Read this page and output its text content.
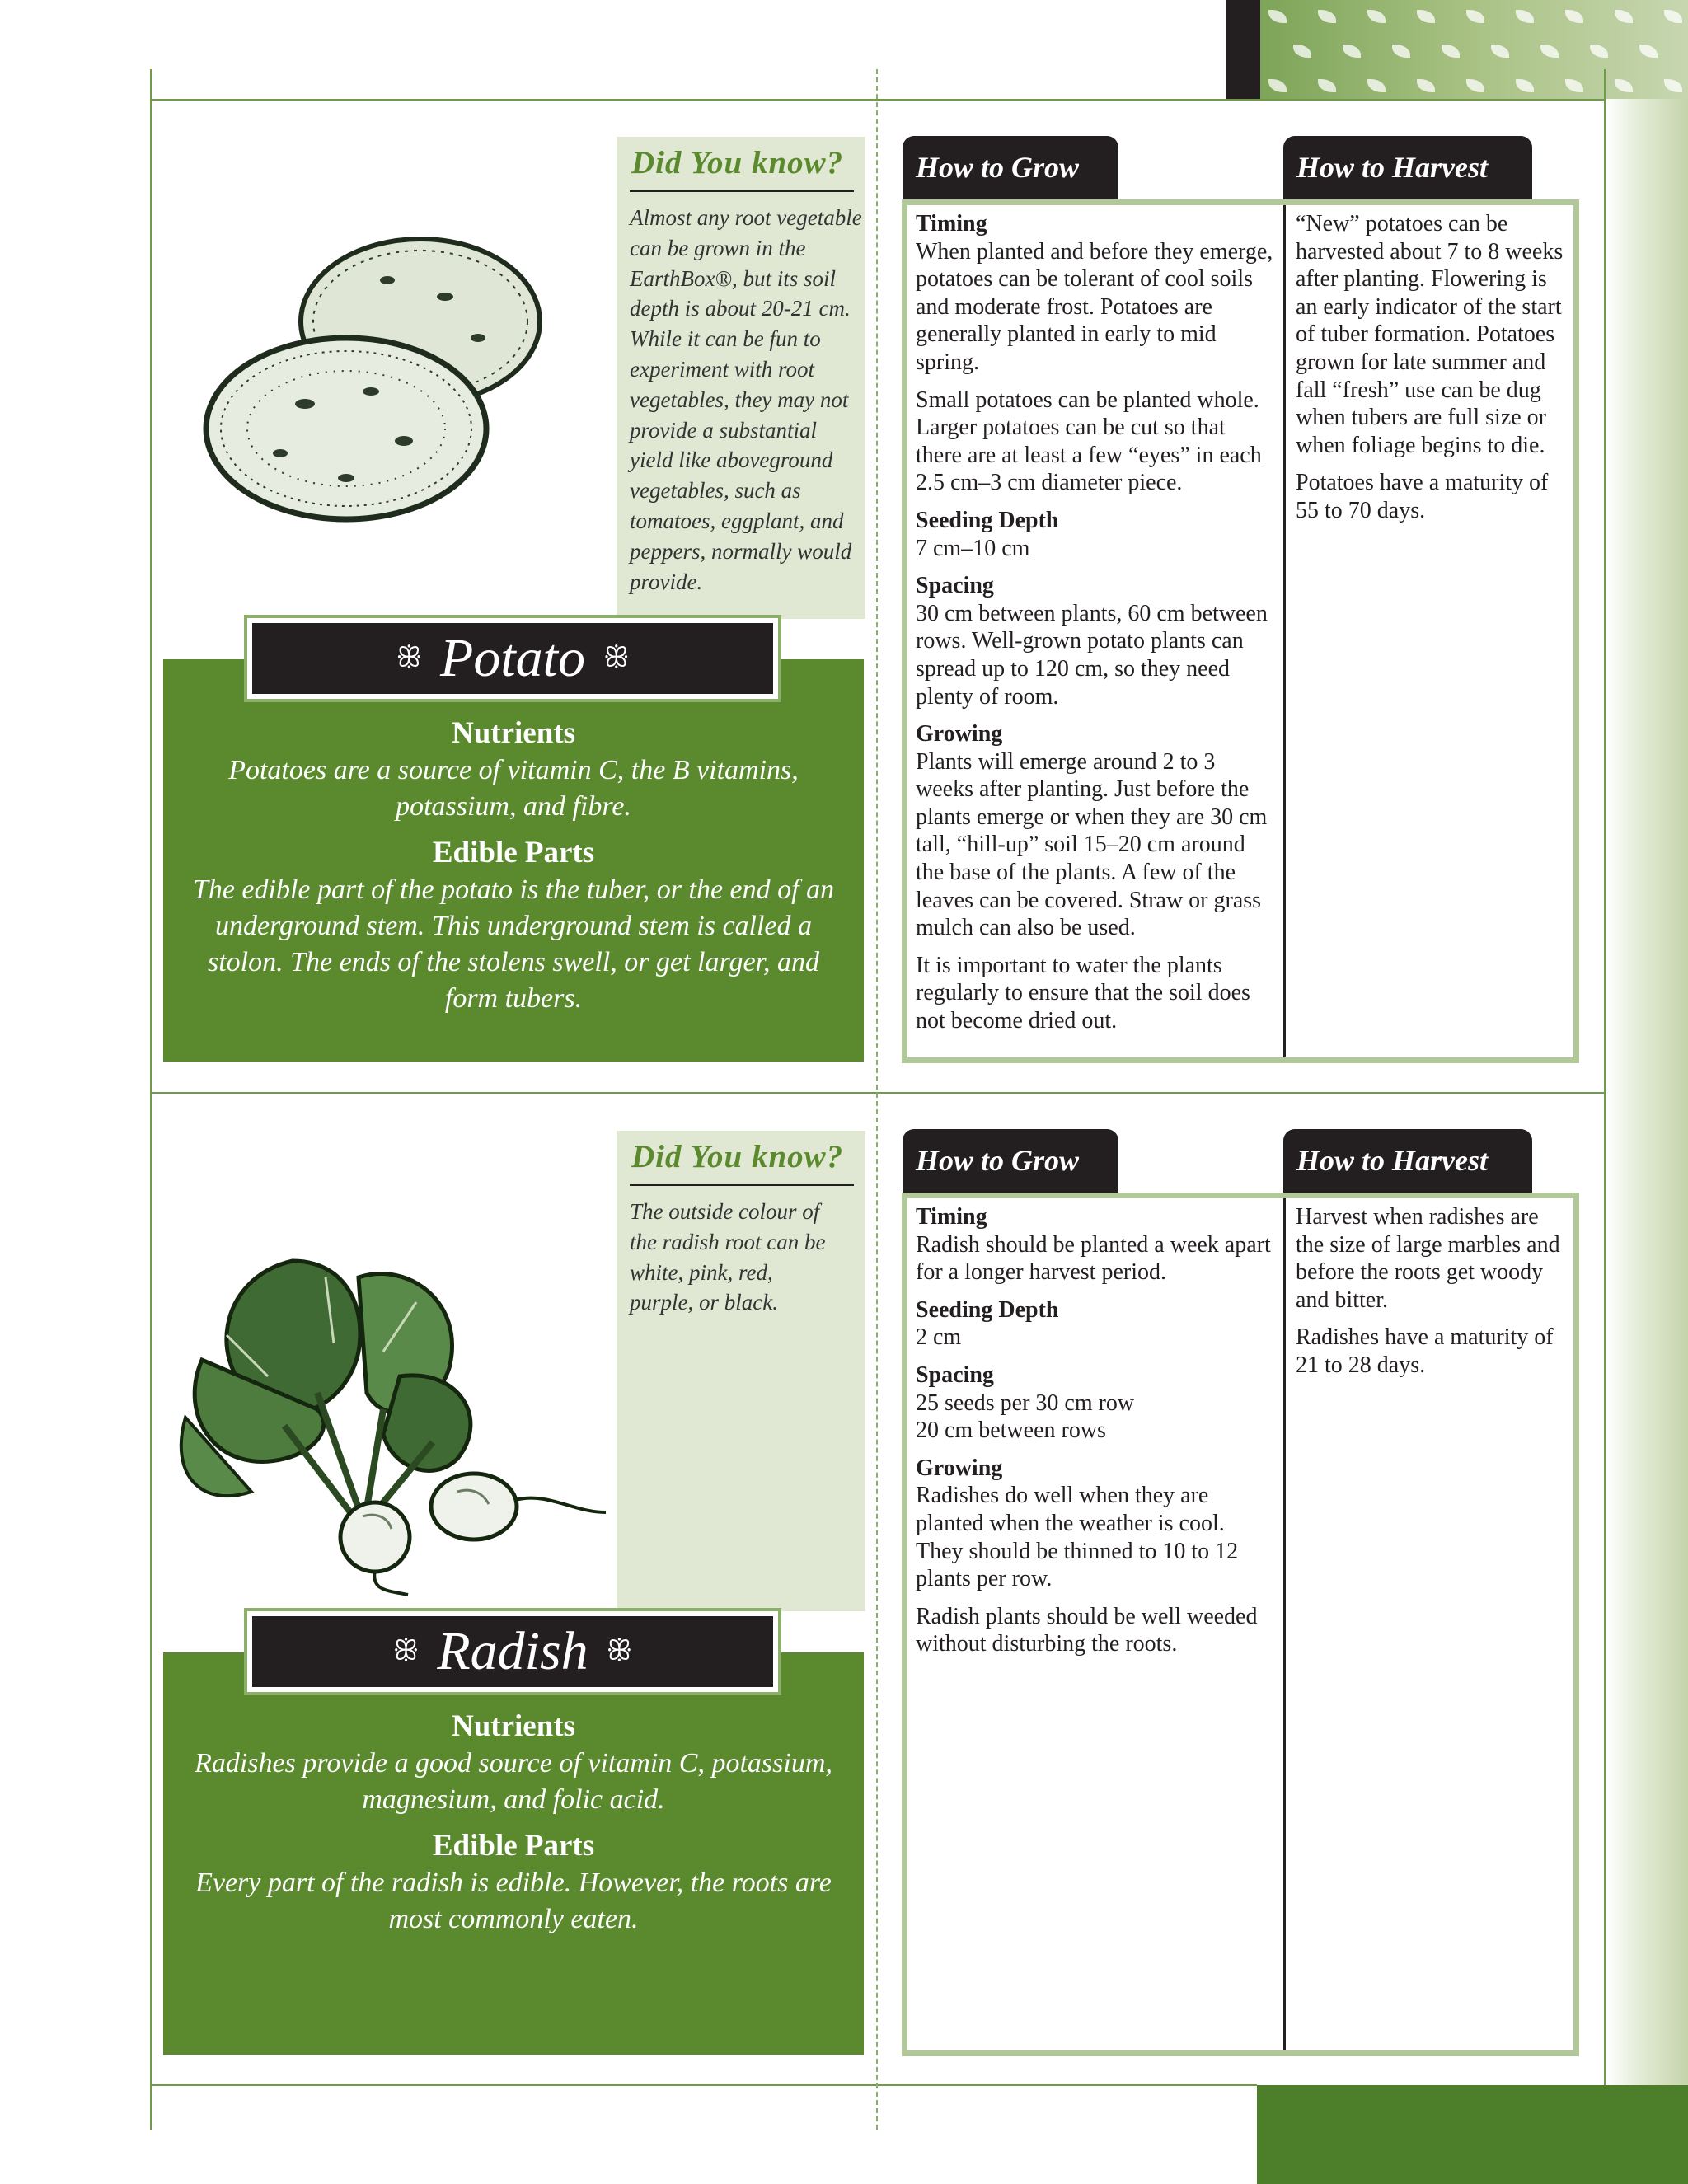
Did You know?
Almost any root vegetable can be grown in the EarthBox®, but its soil depth is about 20-21 cm. While it can be fun to experiment with root vegetables, they may not provide a substantial yield like aboveground vegetables, such as tomatoes, eggplant, and peppers, normally would provide.

Nutrients

Potatoes are a source of vitamin C, the B vitamins, potassium, and fibre.

Edible Parts

The edible part of the potato is the tuber, or the end of an underground stem. This underground stem is called a stolon. The ends of the stolens swell, or get larger, and form tubers.

ꕥ Potato ꕥ
How to Grow	How to Harvest

Timing
When planted and before they emerge, potatoes can be tolerant of cool soils and moderate frost. Potatoes are generally planted in early to mid spring.

Small potatoes can be planted whole. Larger potatoes can be cut so that there are at least a few “eyes” in each 2.5 cm–3 cm diameter piece.

Seeding Depth
7 cm–10 cm

Spacing
30 cm between plants, 60 cm between rows. Well-grown potato plants can spread up to 120 cm, so they need plenty of room.

Growing
Plants will emerge around 2 to 3 weeks after planting. Just before the plants emerge or when they are 30 cm tall, “hill-up” soil 15–20 cm around the base of the plants. A few of the leaves can be covered. Straw or grass mulch can also be used.

It is important to water the plants regularly to ensure that the soil does not become dried out.

“New” potatoes can be harvested about 7 to 8 weeks after planting. Flowering is an early indicator of the start of tuber formation. Potatoes grown for late summer and fall “fresh” use can be dug when tubers are full size or when foliage begins to die.

Potatoes have a maturity of 55 to 70 days.

Did You know?
The outside colour of the radish root can be white, pink, red, purple, or black.

Nutrients

Radishes provide a good source of vitamin C, potassium, magnesium, and folic acid.

Edible Parts

Every part of the radish is edible. However, the roots are most commonly eaten.

ꕥ Radish ꕥ
How to Grow	How to Harvest

Timing
Radish should be planted a week apart for a longer harvest period.

Seeding Depth
2 cm

Spacing
25 seeds per 30 cm row
20 cm between rows

Growing
Radishes do well when they are planted when the weather is cool. They should be thinned to 10 to 12 plants per row.

Radish plants should be well weeded without disturbing the roots.

Harvest when radishes are the size of large marbles and before the roots get woody and bitter.

Radishes have a maturity of 21 to 28 days.
